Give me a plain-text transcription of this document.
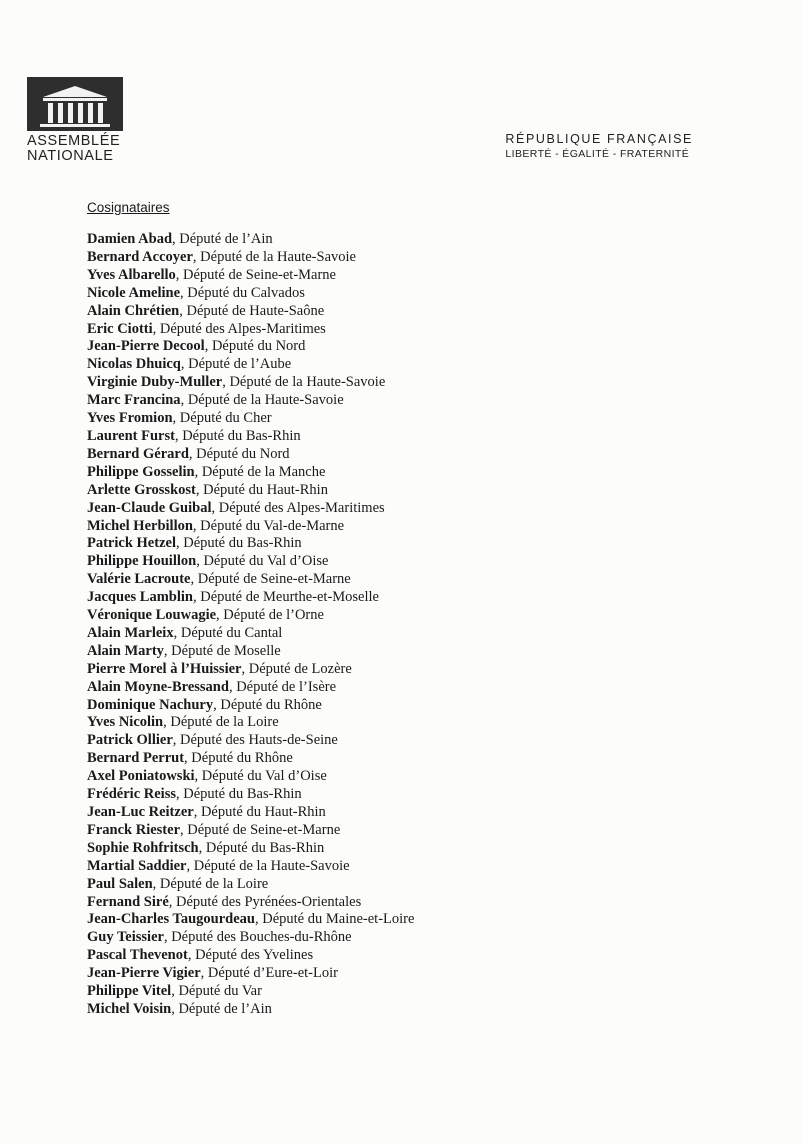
ASSEMBLÉE
NATIONALE
RÉPUBLIQUE FRANÇAISE
LIBERTÉ - ÉGALITÉ - FRATERNITÉ
Cosignataires
Damien Abad, Député de l’Ain
Bernard Accoyer, Député de la Haute-Savoie
Yves Albarello, Député de Seine-et-Marne
Nicole Ameline, Député du Calvados
Alain Chrétien, Député de Haute-Saône
Eric Ciotti, Député des Alpes-Maritimes
Jean-Pierre Decool, Député du Nord
Nicolas Dhuicq, Député de l’Aube
Virginie Duby-Muller, Député de la Haute-Savoie
Marc Francina, Député de la Haute-Savoie
Yves Fromion, Député du Cher
Laurent Furst, Député du Bas-Rhin
Bernard Gérard, Député du Nord
Philippe Gosselin, Député de la Manche
Arlette Grosskost, Député du Haut-Rhin
Jean-Claude Guibal, Député des Alpes-Maritimes
Michel Herbillon, Député du Val-de-Marne
Patrick Hetzel, Député du Bas-Rhin
Philippe Houillon, Député du Val d’Oise
Valérie Lacroute, Député de Seine-et-Marne
Jacques Lamblin, Député de Meurthe-et-Moselle
Véronique Louwagie, Député de l’Orne
Alain Marleix, Député du Cantal
Alain Marty, Député de Moselle
Pierre Morel à l’Huissier, Député de Lozère
Alain Moyne-Bressand, Député de l’Isère
Dominique Nachury, Député du Rhône
Yves Nicolin, Député de la Loire
Patrick Ollier, Député des Hauts-de-Seine
Bernard Perrut, Député du Rhône
Axel Poniatowski, Député du Val d’Oise
Frédéric Reiss, Député du Bas-Rhin
Jean-Luc Reitzer, Député du Haut-Rhin
Franck Riester, Député de Seine-et-Marne
Sophie Rohfritsch, Député du Bas-Rhin
Martial Saddier, Député de la Haute-Savoie
Paul Salen, Député de la Loire
Fernand Siré, Député des Pyrénées-Orientales
Jean-Charles Taugourdeau, Député du Maine-et-Loire
Guy Teissier, Député des Bouches-du-Rhône
Pascal Thevenot, Député des Yvelines
Jean-Pierre Vigier, Député d’Eure-et-Loir
Philippe Vitel, Député du Var
Michel Voisin, Député de l’Ain
